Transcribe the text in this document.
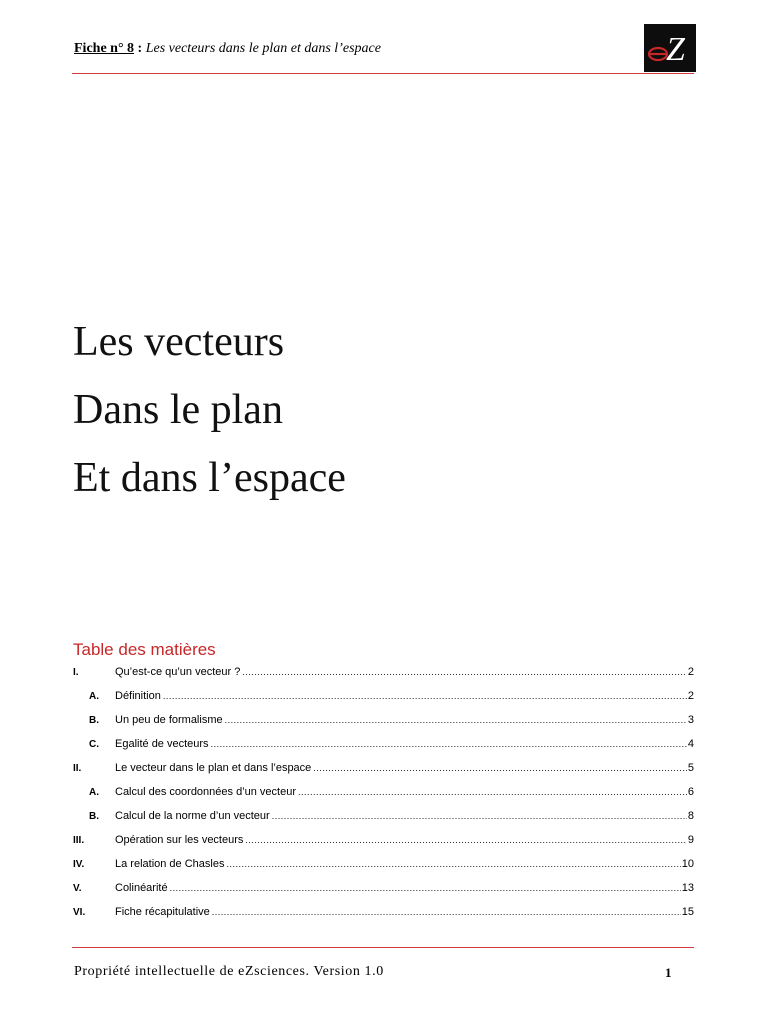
Fiche n° 8 : Les vecteurs dans le plan et dans l’espace	Z
Les vecteurs
Dans le plan
Et dans l’espace
Table des matières
I.	Qu’est-ce qu’un vecteur ? .....	2
A.	Définition .....	2
B.	Un peu de formalisme .....	3
C.	Egalité de vecteurs .....	4
II.	Le vecteur dans le plan et dans l’espace .....	5
A.	Calcul des coordonnées d’un vecteur .....	6
B.	Calcul de la norme d’un vecteur .....	8
III.	Opération sur les vecteurs .....	9
IV.	La relation de Chasles .....	10
V.	Colinéarité .....	13
VI.	Fiche récapitulative .....	15
Propriété intellectuelle de eZsciences. Version 1.0	1
